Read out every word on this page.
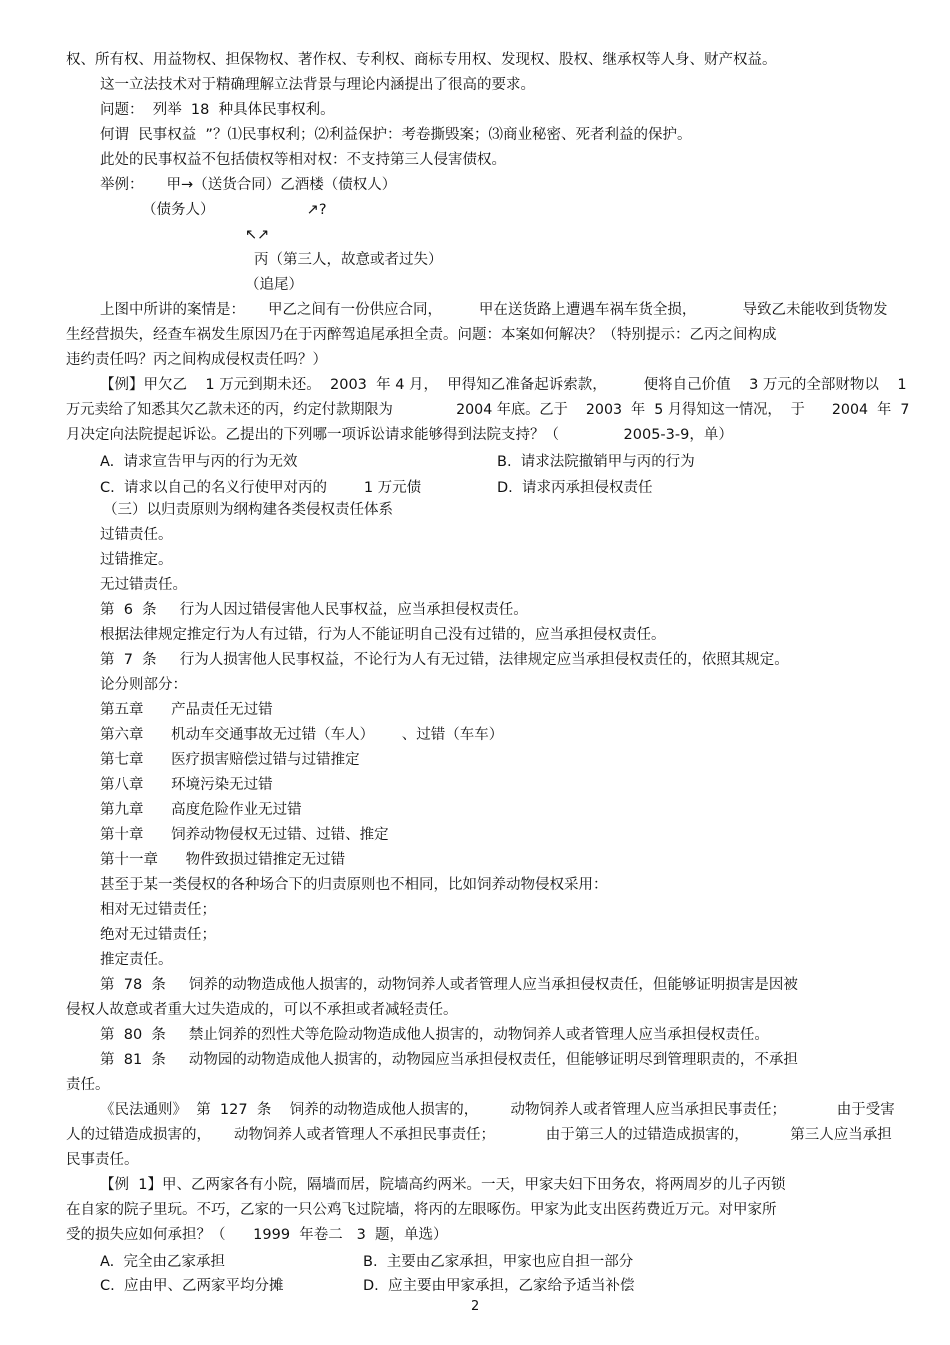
权、所有权、用益物权、担保物权、著作权、专利权、商标专用权、发现权、股权、继承权等人身、财产权益。
这一立法技术对于精确理解立法背景与理论内涵提出了很高的要求。
问题：  列举  18  种具体民事权利。
何谓  民事权益  ”？⑴民事权利；⑵利益保护：考卷撕毁案；⑶商业秘密、死者利益的保护。
此处的民事权益不包括债权等相对权：不支持第三人侵害债权。
举例：     甲→（送货合同）乙酒楼（债权人）
（债务人）                    ↗?
↖↗
丙（第三人，故意或者过失）
（追尾）
上图中所讲的案情是：     甲乙之间有一份供应合同，        甲在送货路上遭遇车祸车货全损，          导致乙未能收到货物发
生经营损失，经查车祸发生原因乃在于丙醉驾追尾承担全责。问题：本案如何解决？（特别提示：乙丙之间构成
违约责任吗？丙之间构成侵权责任吗？）
【例】甲欠乙    1 万元到期未还。  2003  年 4 月，  甲得知乙准备起诉索款，        便将自己价值    3 万元的全部财物以    1
万元卖给了知悉其欠乙款未还的丙，约定付款期限为              2004 年底。乙于    2003  年  5 月得知这一情况，  于      2004  年  7
月决定向法院提起诉讼。乙提出的下列哪一项诉讼请求能够得到法院支持？（              2005-3-9，单）
A.  请求宣告甲与丙的行为无效	B.  请求法院撤销甲与丙的行为
C.  请求以自己的名义行使甲对丙的        1 万元债	D.  请求丙承担侵权责任
（三）以归责原则为纲构建各类侵权责任体系
过错责任。
过错推定。
无过错责任。
第  6  条     行为人因过错侵害他人民事权益，应当承担侵权责任。
根据法律规定推定行为人有过错，行为人不能证明自己没有过错的，应当承担侵权责任。
第  7  条     行为人损害他人民事权益，不论行为人有无过错，法律规定应当承担侵权责任的，依照其规定。
论分则部分：
第五章      产品责任无过错
第六章      机动车交通事故无过错（车人）      、过错（车车）
第七章      医疗损害赔偿过错与过错推定
第八章      环境污染无过错
第九章      高度危险作业无过错
第十章      饲养动物侵权无过错、过错、推定
第十一章      物件致损过错推定无过错
甚至于某一类侵权的各种场合下的归责原则也不相同，比如饲养动物侵权采用：
相对无过错责任；
绝对无过错责任；
推定责任。
第  78  条     饲养的动物造成他人损害的，动物饲养人或者管理人应当承担侵权责任，但能够证明损害是因被
侵权人故意或者重大过失造成的，可以不承担或者减轻责任。
第  80  条     禁止饲养的烈性犬等危险动物造成他人损害的，动物饲养人或者管理人应当承担侵权责任。
第  81  条     动物园的动物造成他人损害的，动物园应当承担侵权责任，但能够证明尽到管理职责的，不承担
责任。
《民法通则》  第  127  条    饲养的动物造成他人损害的，       动物饲养人或者管理人应当承担民事责任；           由于受害
人的过错造成损害的，     动物饲养人或者管理人不承担民事责任；           由于第三人的过错造成损害的，         第三人应当承担
民事责任。
【例  1】甲、乙两家各有小院，隔墙而居，院墙高约两米。一天，甲家夫妇下田务农，将两周岁的儿子丙锁
在自家的院子里玩。不巧，乙家的一只公鸡飞过院墙，将丙的左眼啄伤。甲家为此支出医药费近万元。对甲家所
受的损失应如何承担？（      1999  年卷二   3  题，单选）
A.  完全由乙家承担	B.  主要由乙家承担，甲家也应自担一部分
C.  应由甲、乙两家平均分摊	D.  应主要由甲家承担，乙家给予适当补偿
2
